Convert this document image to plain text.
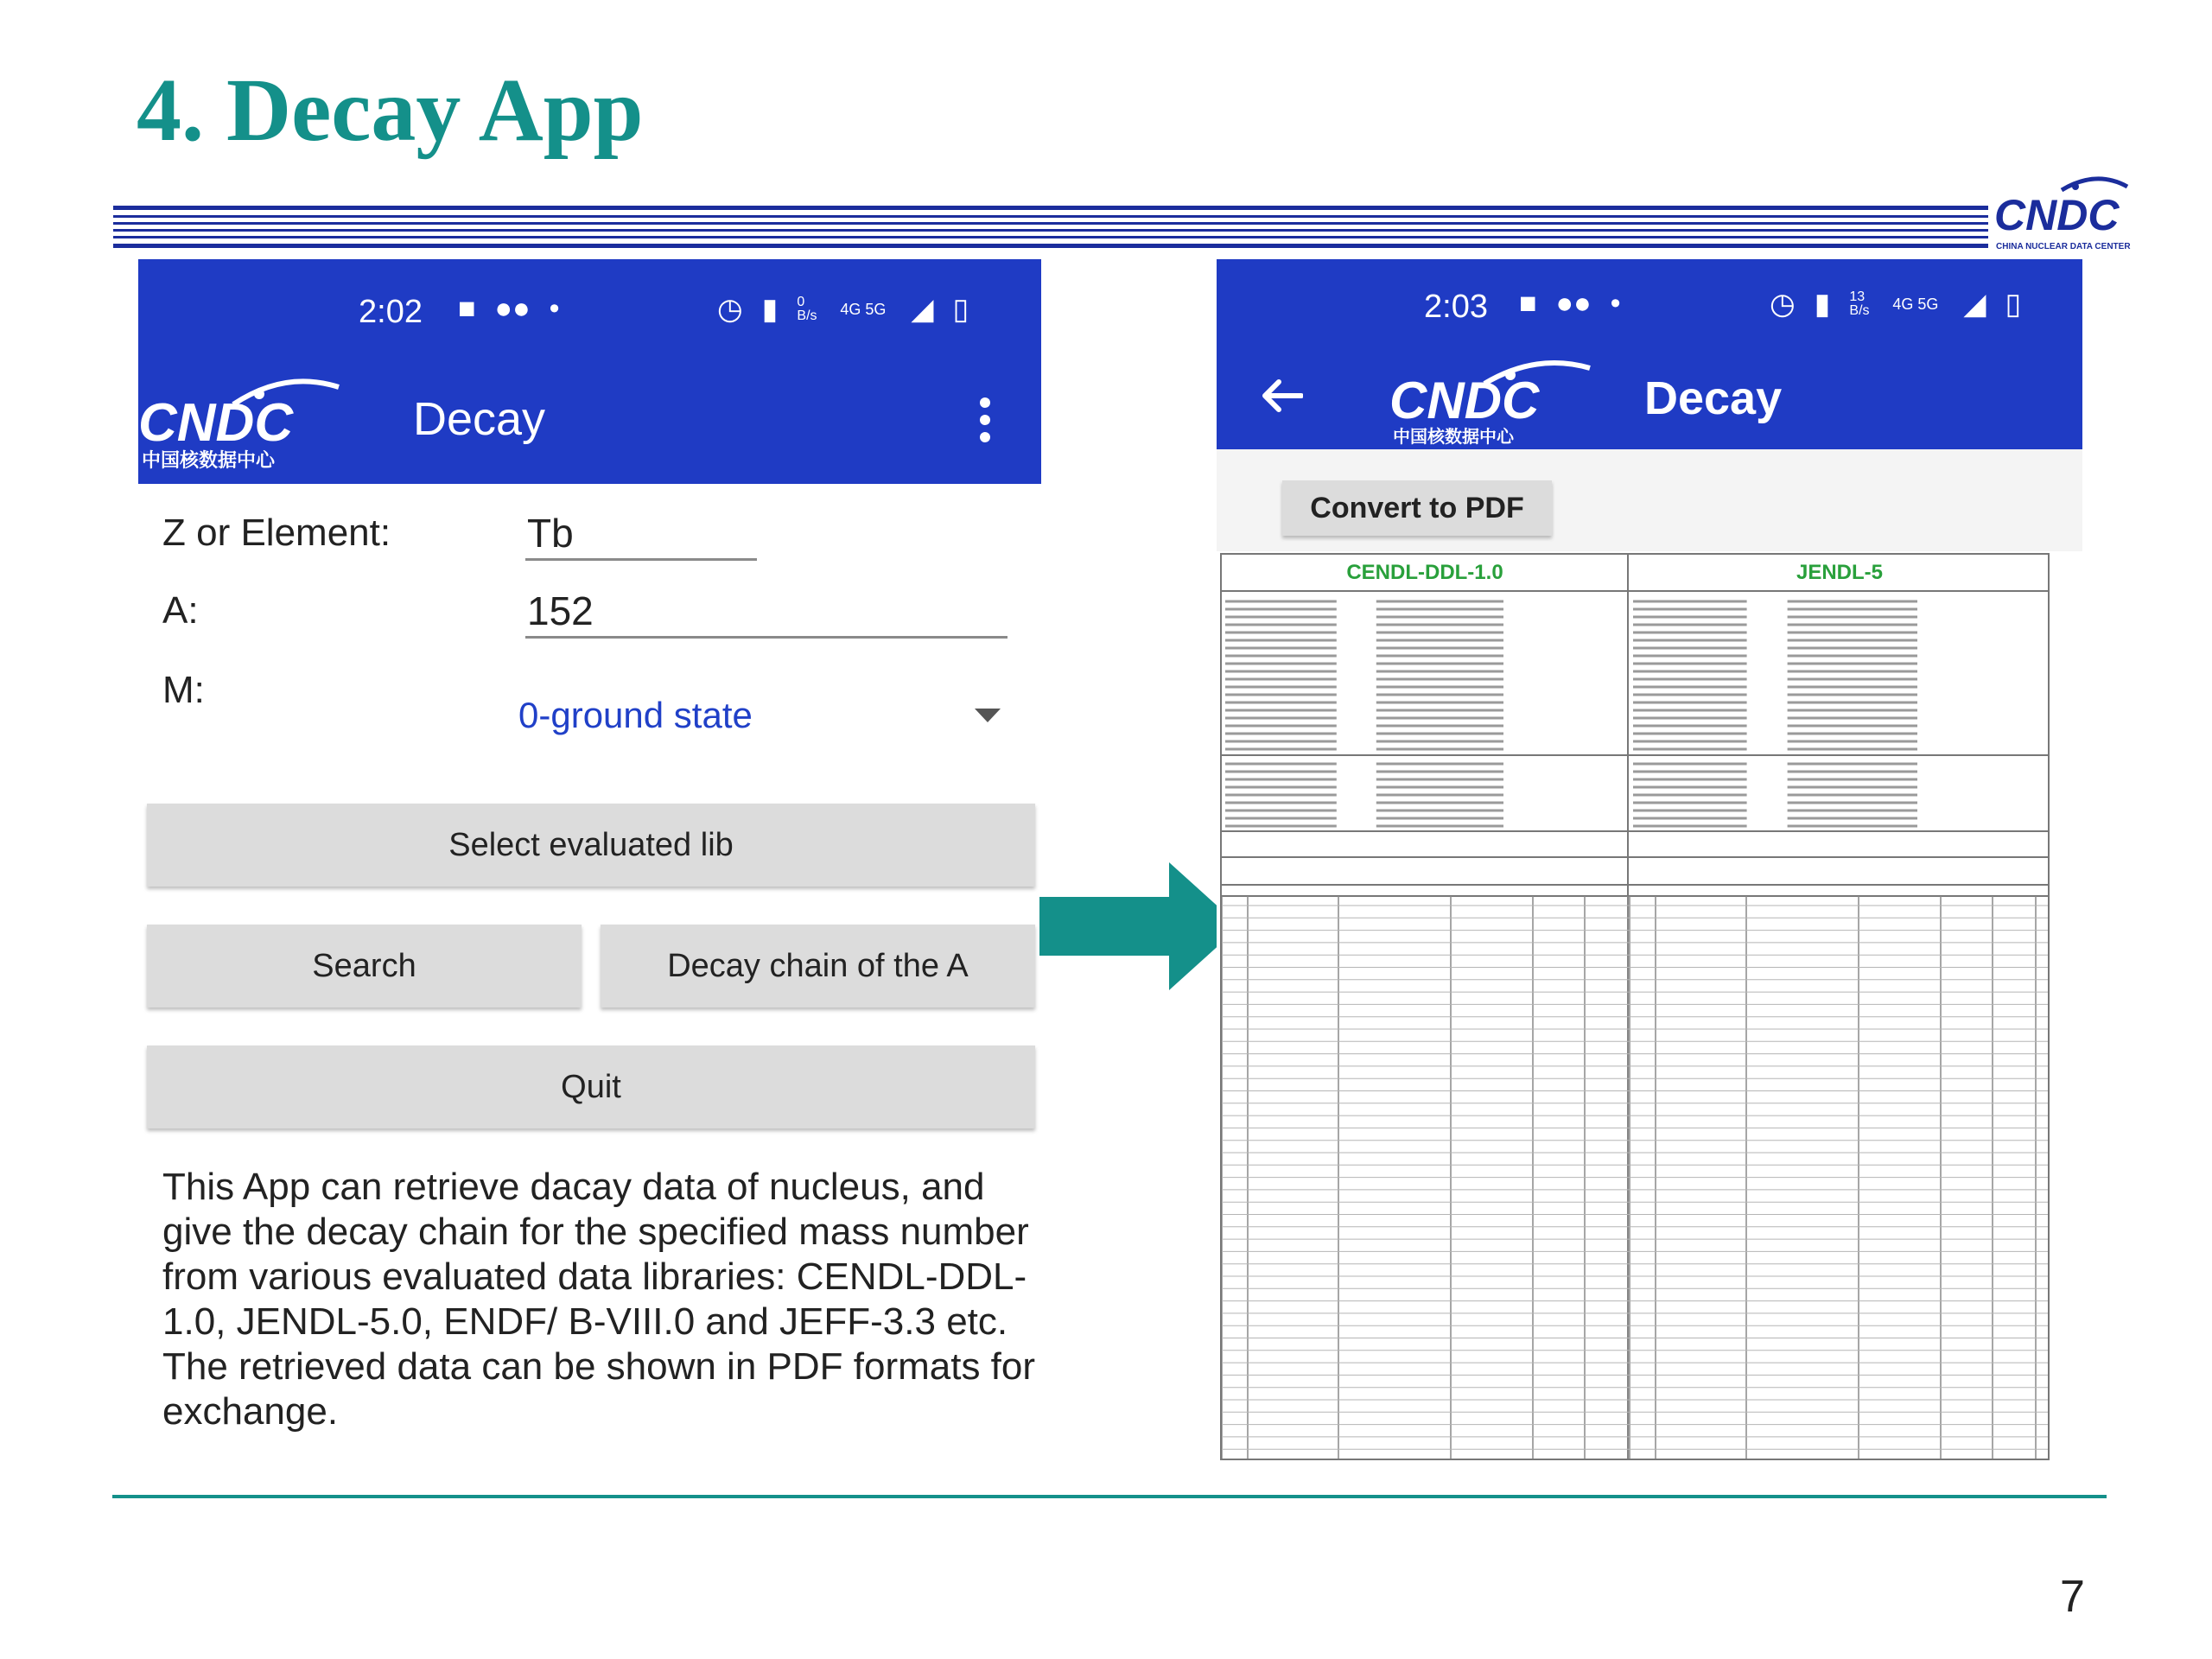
4. Decay App
CNDC
CHINA NUCLEAR DATA CENTER
2:02 ■ ●● •	◷ ▮ 0 B/s 4G 5G ◢ ▯
CNDC
中国核数据中心
Decay
Z or Element:	Tb
A:	152
M:
0-ground state
Select evaluated lib
Search	Decay chain of the A
Quit
This App can retrieve dacay data of nucleus, and give the decay chain for the specified mass number from various evaluated data libraries: CENDL-DDL-1.0, JENDL-5.0, ENDF/ B-VIII.0 and JEFF-3.3 etc. The retrieved data can be shown in PDF formats for exchange.
2:03 ■ ●● •	◷ ▮ 13 B/s 4G 5G ◢ ▯
CNDC
中国核数据中心
Decay
Convert to PDF
CENDL-DDL-1.0	JENDL-5
7
